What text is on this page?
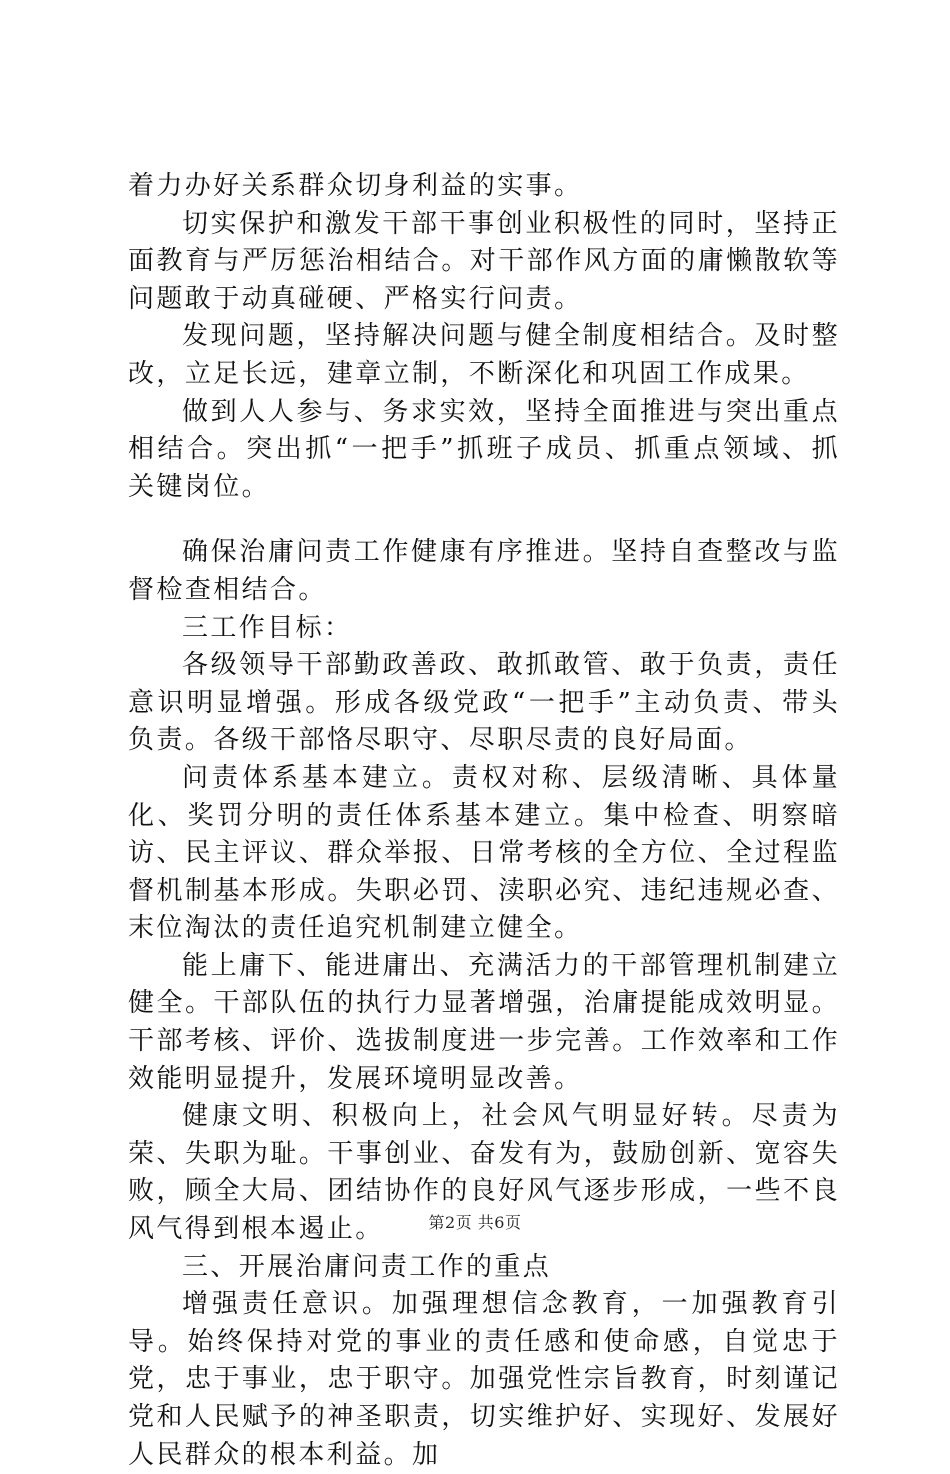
着力办好关系群众切身利益的实事。

切实保护和激发干部干事创业积极性的同时，坚持正面教育与严厉惩治相结合。对干部作风方面的庸懒散软等问题敢于动真碰硬、严格实行问责。

发现问题，坚持解决问题与健全制度相结合。及时整改，立足长远，建章立制，不断深化和巩固工作成果。

做到人人参与、务求实效，坚持全面推进与突出重点相结合。突出抓“一把手”抓班子成员、抓重点领域、抓关键岗位。

确保治庸问责工作健康有序推进。坚持自查整改与监督检查相结合。

三工作目标：

各级领导干部勤政善政、敢抓敢管、敢于负责，责任意识明显增强。形成各级党政“一把手”主动负责、带头负责。各级干部恪尽职守、尽职尽责的良好局面。

问责体系基本建立。责权对称、层级清晰、具体量化、奖罚分明的责任体系基本建立。集中检查、明察暗访、民主评议、群众举报、日常考核的全方位、全过程监督机制基本形成。失职必罚、渎职必究、违纪违规必查、末位淘汰的责任追究机制建立健全。

能上庸下、能进庸出、充满活力的干部管理机制建立健全。干部队伍的执行力显著增强，治庸提能成效明显。干部考核、评价、选拔制度进一步完善。工作效率和工作效能明显提升，发展环境明显改善。

健康文明、积极向上，社会风气明显好转。尽责为荣、失职为耻。干事创业、奋发有为，鼓励创新、宽容失败，顾全大局、团结协作的良好风气逐步形成，一些不良风气得到根本遏止。

三、开展治庸问责工作的重点

增强责任意识。加强理想信念教育，一加强教育引导。始终保持对党的事业的责任感和使命感，自觉忠于党，忠于事业，忠于职守。加强党性宗旨教育，时刻谨记党和人民赋予的神圣职责，切实维护好、实现好、发展好人民群众的根本利益。加

第2页 共6页
